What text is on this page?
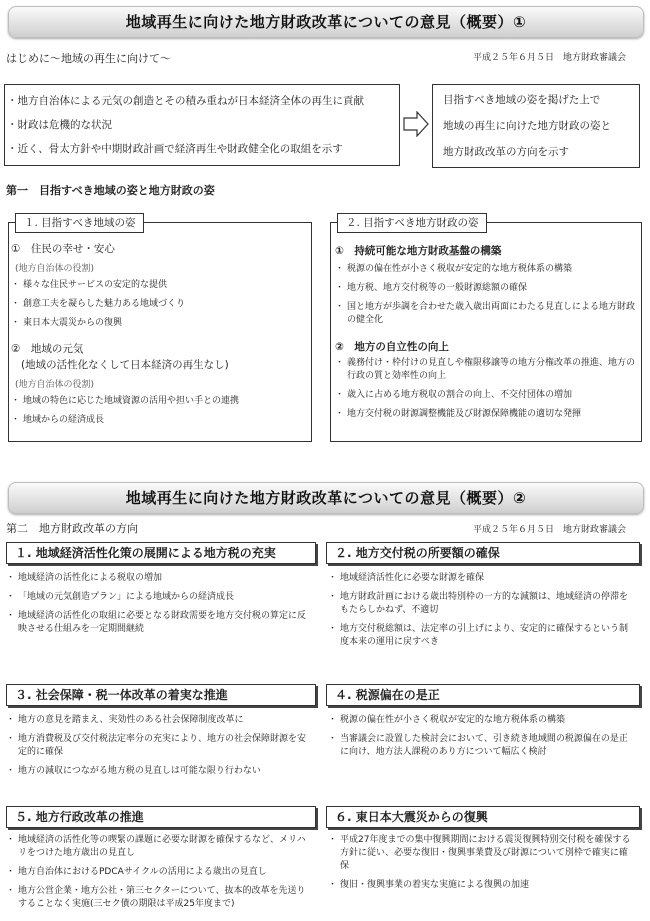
地域再生に向けた地方財政改革についての意見（概要）①
はじめに～地域の再生に向けて～	平成２５年６月５日　地方財政審議会
・地方自治体による元気の創造とその積み重ねが日本経済全体の再生に貢献
・財政は危機的な状況
・近く、骨太方針や中期財政計画で経済再生や財政健全化の取組を示す
目指すべき地域の姿を掲げた上で
地域の再生に向けた地方財政の姿と
地方財政改革の方向を示す
第一　目指すべき地域の姿と地方財政の姿
１. 目指すべき地域の姿
①　住民の幸せ・安心
(地方自治体の役割)
・ 様々な住民サービスの安定的な提供
・ 創意工夫を凝らした魅力ある地域づくり
・ 東日本大震災からの復興
②　地域の元気
(地域の活性化なくして日本経済の再生なし)
(地方自治体の役割)
・ 地域の特色に応じた地域資源の活用や担い手との連携
・ 地域からの経済成長
２. 目指すべき地方財政の姿
①　持続可能な地方財政基盤の構築
・ 税源の偏在性が小さく税収が安定的な地方税体系の構築
・ 地方税、地方交付税等の一般財源総額の確保
・ 国と地方が歩調を合わせた歳入歳出両面にわたる見直しによる地方財政の健全化
②　地方の自立性の向上
・ 義務付け・枠付けの見直しや権限移譲等の地方分権改革の推進、地方の行政の質と効率性の向上
・ 歳入に占める地方税収の割合の向上、不交付団体の増加
・ 地方交付税の財源調整機能及び財源保障機能の適切な発揮
地域再生に向けた地方財政改革についての意見（概要）②
第二　地方財政改革の方向	平成２５年６月５日　地方財政審議会
１. 地域経済活性化策の展開による地方税の充実
・ 地域経済の活性化による税収の増加
・ 「地域の元気創造プラン」による地域からの経済成長
・ 地域経済の活性化の取組に必要となる財政需要を地方交付税の算定に反映させる仕組みを一定期間継続
２. 地方交付税の所要額の確保
・ 地域経済活性化に必要な財源を確保
・ 地方財政計画における歳出特別枠の一方的な減額は、地域経済の停滞をもたらしかねず、不適切
・ 地方交付税総額は、法定率の引上げにより、安定的に確保するという制度本来の運用に戻すべき
３. 社会保障・税一体改革の着実な推進
・ 地方の意見を踏まえ、実効性のある社会保障制度改革に
・ 地方消費税及び交付税法定率分の充実により、地方の社会保障財源を安定的に確保
・ 地方の減収につながる地方税の見直しは可能な限り行わない
４. 税源偏在の是正
・ 税源の偏在性が小さく税収が安定的な地方税体系の構築
・ 当審議会に設置した検討会において、引き続き地域間の税源偏在の是正に向け、地方法人課税のあり方について幅広く検討
５. 地方行政改革の推進
・ 地域経済の活性化等の喫緊の課題に必要な財源を確保するなど、メリハリをつけた地方歳出の見直し
・ 地方自治体におけるPDCAサイクルの活用による歳出の見直し
・ 地方公営企業・地方公社・第三セクターについて、抜本的改革を先送りすることなく実施(三セク債の期限は平成25年度まで)
６. 東日本大震災からの復興
・ 平成27年度までの集中復興期間における震災復興特別交付税を確保する方針に従い、必要な復旧・復興事業費及び財源について別枠で確実に確保
・ 復旧・復興事業の着実な実施による復興の加速
